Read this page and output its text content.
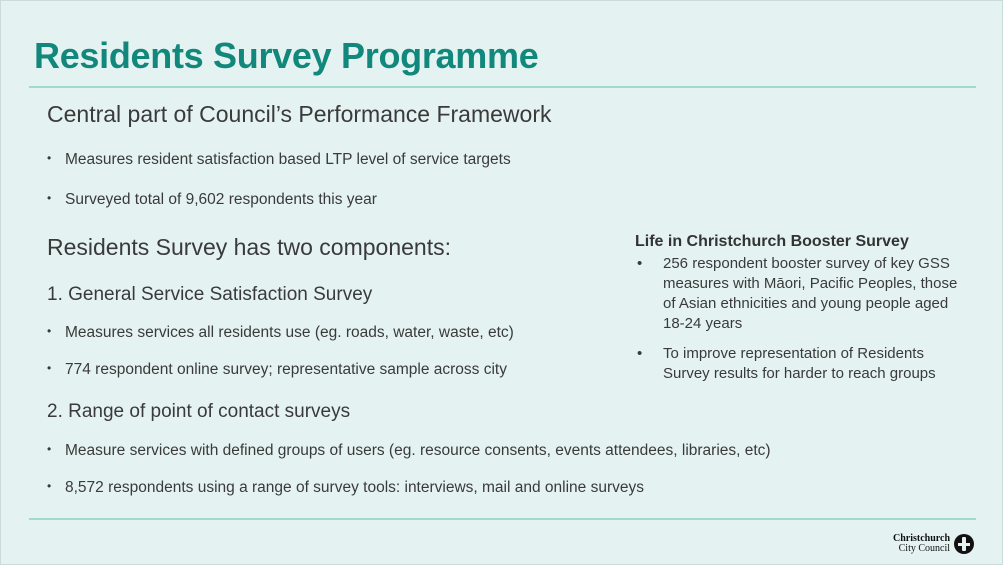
Residents Survey Programme
Central part of Council’s Performance Framework
• Measures resident satisfaction based LTP level of service targets
• Surveyed total of 9,602 respondents this year
Residents Survey has two components:
1. General Service Satisfaction Survey
• Measures services all residents use (eg. roads, water, waste, etc)
• 774 respondent online survey; representative sample across city
2. Range of point of contact surveys
• Measure services with defined groups of users (eg. resource consents, events attendees, libraries, etc)
• 8,572 respondents using a range of survey tools: interviews, mail and online surveys
Life in Christchurch Booster Survey
• 256 respondent booster survey of key GSS measures with Māori, Pacific Peoples, those of Asian ethnicities and young people aged 18-24 years
• To improve representation of Residents Survey results for harder to reach groups
Christchurch
City Council
